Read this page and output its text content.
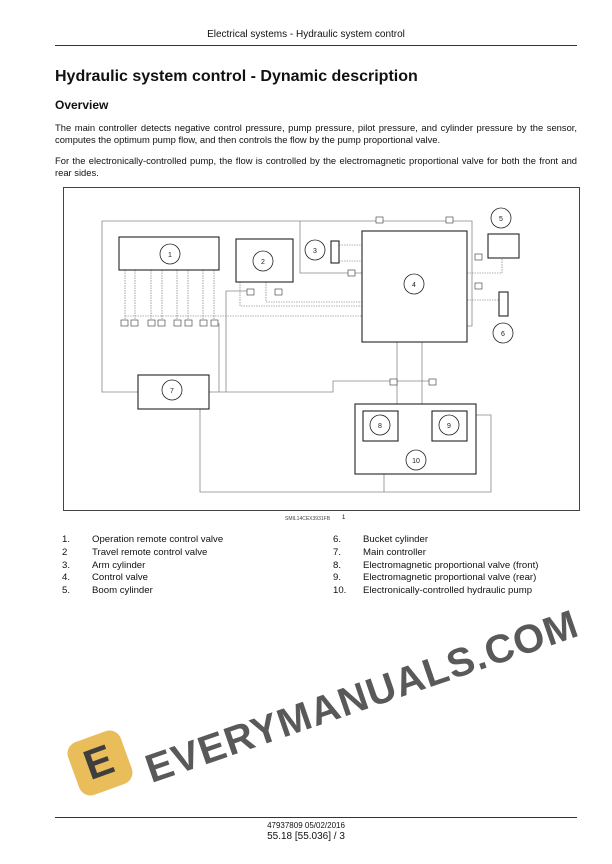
Electrical systems - Hydraulic system control
Hydraulic system control - Dynamic description
Overview
The main controller detects negative control pressure, pump pressure, pilot pressure, and cylinder pressure by the sensor, computes the optimum pump flow, and then controls the flow by the pump proportional valve.
For the electronically-controlled pump, the flow is controlled by the electromagnetic proportional valve for both the front and rear sides.
1
2
3
4
5
6
7
8	9
10
SMIL14CEX3931FB 1
1.	Operation remote control valve
2	Travel remote control valve
3.	Arm cylinder
4.	Control valve
5.	Boom cylinder
6.	Bucket cylinder
7.	Main controller
8.	Electromagnetic proportional valve (front)
9.	Electromagnetic proportional valve (rear)
10.	Electronically-controlled hydraulic pump
E EVERYMANUALS.COM
47937809 05/02/2016
55.18 [55.036] / 3
